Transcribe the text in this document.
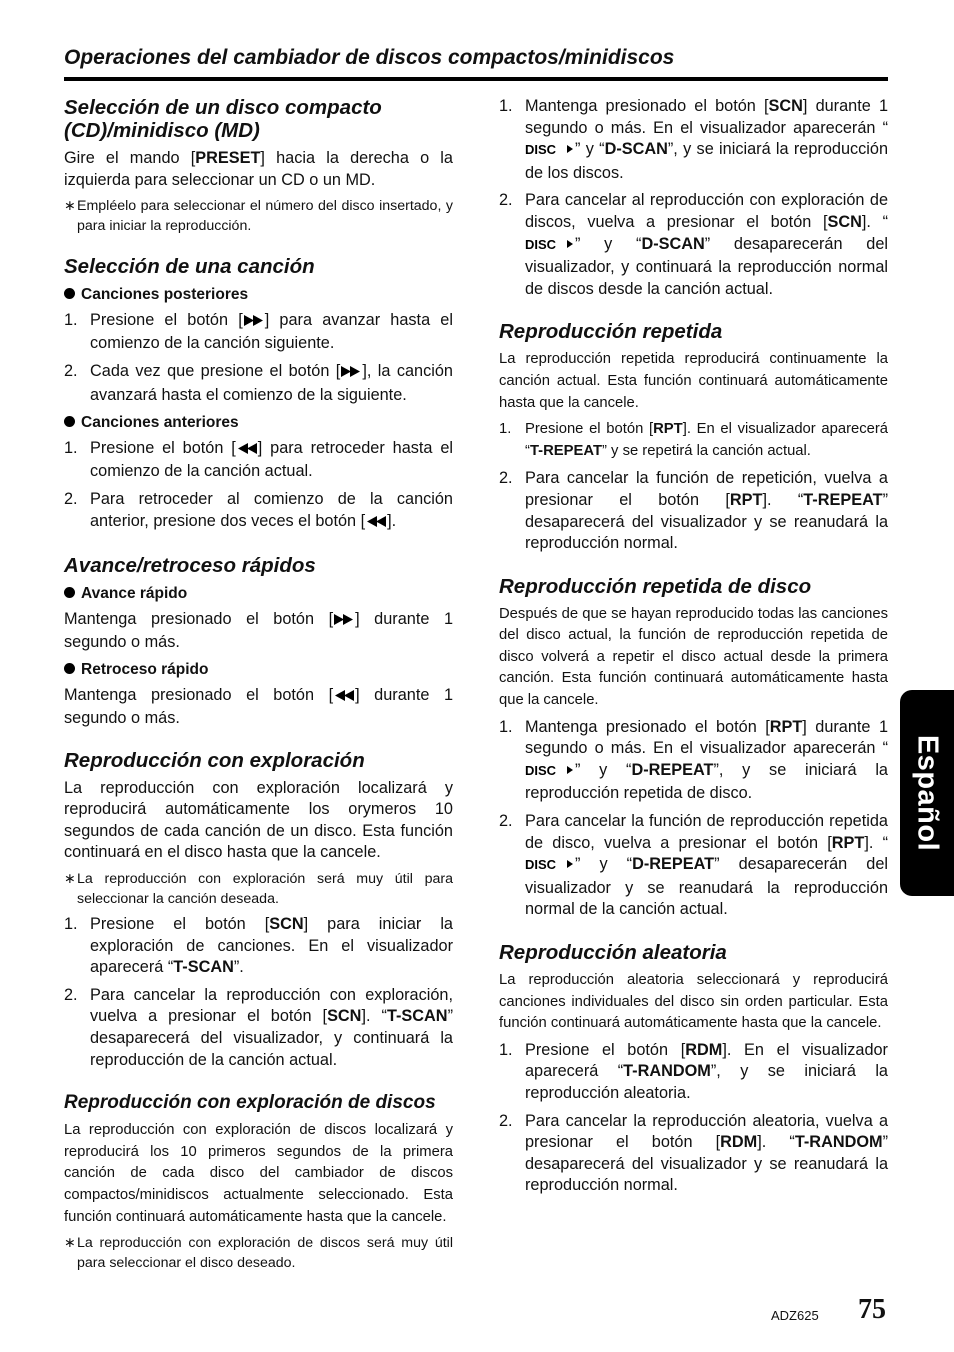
Operaciones del cambiador de discos compactos/minidiscos
Selección de un disco compacto (CD)/minidisco (MD)

Gire el mando [PRESET] hacia la derecha o la izquierda para seleccionar un CD o un MD.

∗Empléelo para seleccionar el número del disco insertado, y para iniciar la reproducción.
Selección de una canción
Canciones posteriores
1. Presione el botón [ ] para avanzar hasta el comienzo de la canción siguiente.
2. Cada vez que presione el botón [ ], la canción avanzará hasta el comienzo de la siguiente.
Canciones anteriores
1. Presione el botón [ ] para retroceder hasta el comienzo de la canción actual.
2. Para retroceder al comienzo de la canción anterior, presione dos veces el botón [ ].
Avance/retroceso rápidos
Avance rápido

Mantenga presionado el botón [ ] durante 1 segundo o más.

Retroceso rápido

Mantenga presionado el botón [ ] durante 1 segundo o más.

Reproducción con exploración

La reproducción con exploración localizará y reproducirá automáticamente los orymeros 10 segundos de cada canción de un disco. Esta función continuará en el disco hasta que la cancele.

∗La reproducción con exploración será muy útil para seleccionar la canción deseada.
1. Presione el botón [SCN] para iniciar la exploración de canciones. En el visualizador aparecerá “T-SCAN”.
2. Para cancelar la reproducción con exploración, vuelva a presionar el botón [SCN]. “T-SCAN” desaparecerá del visualizador, y continuará la reproducción de la canción actual.
Reproducción con exploración de discos

La reproducción con exploración de discos localizará y reproducirá los 10 primeros segundos de la primera canción de cada disco del cambiador de discos compactos/minidiscos actualmente seleccionado. Esta función continuará automáticamente hasta que la cancele.

∗La reproducción con exploración de discos será muy útil para seleccionar el disco deseado.
1. Mantenga presionado el botón [SCN] durante 1 segundo o más. En el visualizador aparecerán “
DISC ” y “D-SCAN”, y se iniciará la reproducción de los discos.
2. Para cancelar al reproducción con exploración de discos, vuelva a presionar el botón [SCN]. “
DISC ” y “D-SCAN” desaparecerán del visualizador, y continuará la reproducción normal de discos desde la canción actual.
Reproducción repetida

La reproducción repetida reproducirá continuamente la canción actual. Esta función continuará automáticamente hasta que la cancele.

1. Presione el botón [RPT]. En el visualizador aparecerá “T-REPEAT” y se repetirá la canción actual.
2. Para cancelar la función de repetición, vuelva a presionar el botón [RPT]. “T-REPEAT” desaparecerá del visualizador y se reanudará la reproducción normal.
Reproducción repetida de disco

Después de que se hayan reproducido todas las canciones del disco actual, la función de reproducción repetida de disco volverá a repetir el disco actual desde la primera canción. Esta función continuará automáticamente hasta que la cancele.

1. Mantenga presionado el botón [RPT] durante 1 segundo o más. En el visualizador aparecerán “
DISC ” y “D-REPEAT”, y se iniciará la reproducción repetida de disco.
2. Para cancelar la función de reproducción repetida de disco, vuelva a presionar el botón [RPT]. “
DISC ” y “D-REPEAT” desaparecerán del visualizador y se reanudará la reproducción normal de la canción actual.
Reproducción aleatoria

La reproducción aleatoria seleccionará y reproducirá canciones individuales del disco sin orden particular. Esta función continuará automáticamente hasta que la cancele.

1. Presione el botón [RDM]. En el visualizador aparecerá “T-RANDOM”, y se iniciará la reproducción aleatoria.
2. Para cancelar la reproducción aleatoria, vuelva a presionar el botón [RDM]. “T-RANDOM” desaparecerá del visualizador y se reanudará la reproducción normal.
Español
ADZ625 75
